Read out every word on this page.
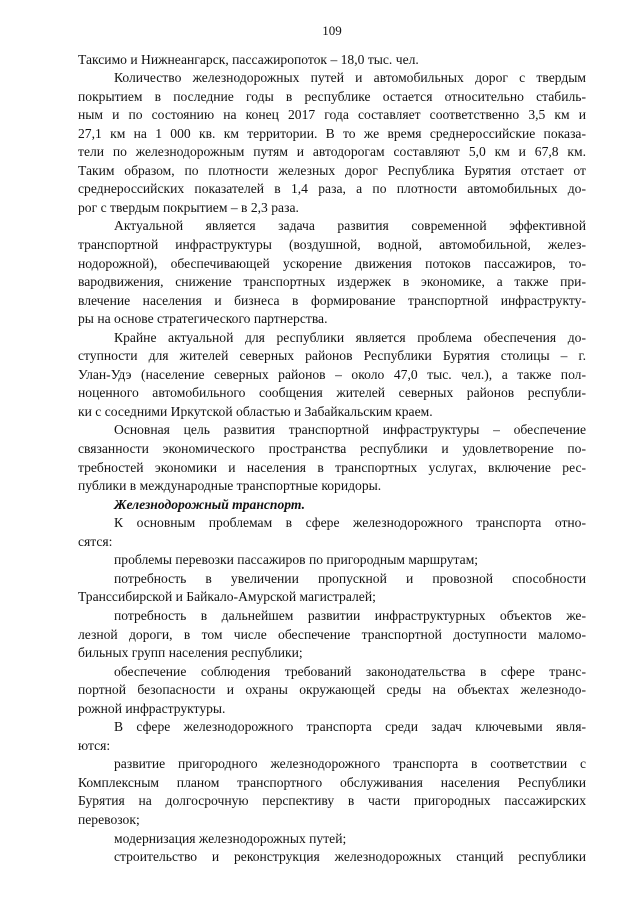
109
Таксимо и Нижнеангарск, пассажиропоток – 18,0 тыс. чел.
Количество железнодорожных путей и автомобильных дорог с твердым
покрытием в последние годы в республике остается относительно стабиль-
ным и по состоянию на конец 2017 года составляет соответственно 3,5 км и
27,1 км на 1 000 кв. км территории. В то же время среднероссийские показа-
тели по железнодорожным путям и автодорогам составляют 5,0 км и 67,8 км.
Таким образом, по плотности железных дорог Республика Бурятия отстает от
среднероссийских показателей в 1,4 раза, а по плотности автомобильных до-
рог с твердым покрытием – в 2,3 раза.
Актуальной является задача развития современной эффективной
транспортной инфраструктуры (воздушной, водной, автомобильной, желез-
нодорожной), обеспечивающей ускорение движения потоков пассажиров, то-
вародвижения, снижение транспортных издержек в экономике, а также при-
влечение населения и бизнеса в формирование транспортной инфраструкту-
ры на основе стратегического партнерства.
Крайне актуальной для республики является проблема обеспечения до-
ступности для жителей северных районов Республики Бурятия столицы – г.
Улан-Удэ (население северных районов – около 47,0 тыс. чел.), а также пол-
ноценного автомобильного сообщения жителей северных районов республи-
ки с соседними Иркутской областью и Забайкальским краем.
Основная цель развития транспортной инфраструктуры – обеспечение
связанности экономического пространства республики и удовлетворение по-
требностей экономики и населения в транспортных услугах, включение рес-
публики в международные транспортные коридоры.
Железнодорожный транспорт.
К основным проблемам в сфере железнодорожного транспорта отно-
сятся:
проблемы перевозки пассажиров по пригородным маршрутам;
потребность в увеличении пропускной и провозной способности
Транссибирской и Байкало-Амурской магистралей;
потребность в дальнейшем развитии инфраструктурных объектов же-
лезной дороги, в том числе обеспечение транспортной доступности маломо-
бильных групп населения республики;
обеспечение соблюдения требований законодательства в сфере транс-
портной безопасности и охраны окружающей среды на объектах железнодо-
рожной инфраструктуры.
В сфере железнодорожного транспорта среди задач ключевыми явля-
ются:
развитие пригородного железнодорожного транспорта в соответствии с
Комплексным планом транспортного обслуживания населения Республики
Бурятия на долгосрочную перспективу в части пригородных пассажирских
перевозок;
модернизация железнодорожных путей;
строительство и реконструкция железнодорожных станций республики
